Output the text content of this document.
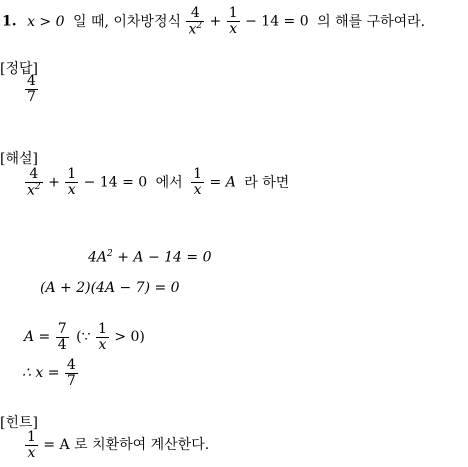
1. x > 0 일 때, 이차방정식 $\frac{4}{x^2} + \frac{1}{x} - 14 = 0$ 의 해를 구하여라.
[정답]
$\frac{4}{7}$
[해설]
$\frac{4}{x^2} + \frac{1}{x} - 14 = 0$ 에서 $\frac{1}{x} = A$ 라 하면
$4A^2 + A - 14 = 0$
(A + 2)(4A − 7) = 0
$A = \frac{7}{4}$ (∵ $\frac{1}{x} > 0$)
∴ $x = \frac{4}{7}$
[힌트]
$\frac{1}{x} = A$ 로 치환하여 계산한다.
